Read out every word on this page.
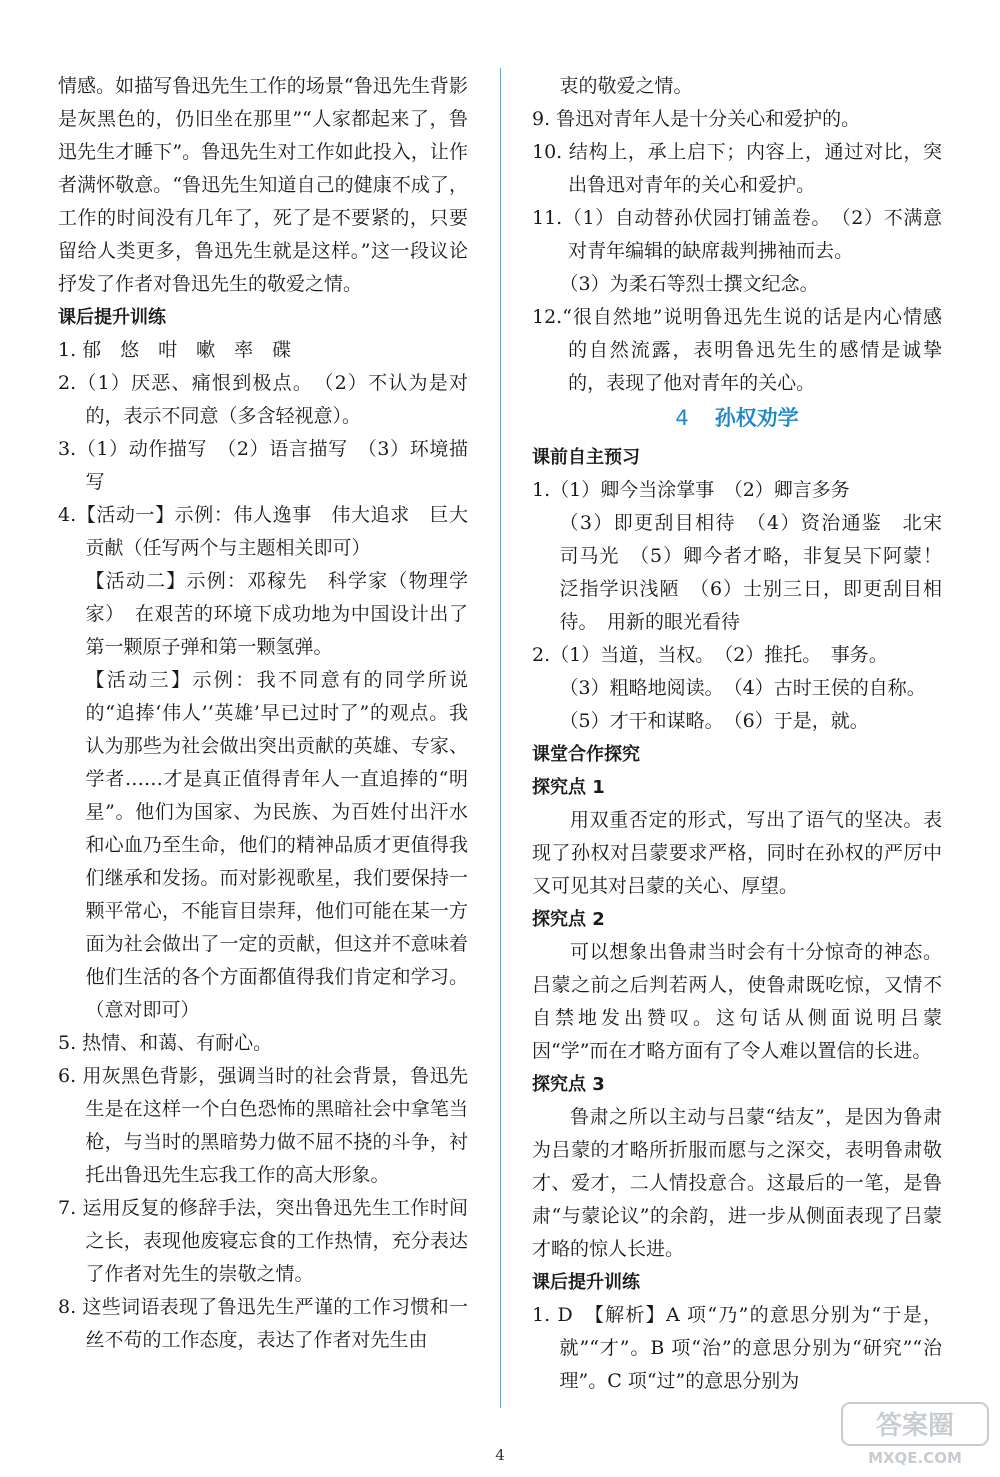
情感。如描写鲁迅先生工作的场景“鲁迅先生背影是灰黑色的，仍旧坐在那里”“人家都起来了，鲁迅先生才睡下”。鲁迅先生对工作如此投入，让作者满怀敬意。“鲁迅先生知道自己的健康不成了，工作的时间没有几年了，死了是不要紧的，只要留给人类更多，鲁迅先生就是这样。”这一段议论抒发了作者对鲁迅先生的敬爱之情。

课后提升训练

1. 郁　悠　咁　嗽　率　碟

2.（1）厌恶、痛恨到极点。　（2）不认为是对的，表示不同意（多含轻视意）。

3.（1）动作描写　（2）语言描写　（3）环境描写

4.【活动一】示例：伟人逸事　伟大追求　巨大贡献（任写两个与主题相关即可）

【活动二】示例：邓稼先　科学家（物理学家）　在艰苦的环境下成功地为中国设计出了第一颗原子弹和第一颗氢弹。

【活动三】示例：我不同意有的同学所说的“追捧‘伟人’‘英雄’早已过时了”的观点。我认为那些为社会做出突出贡献的英雄、专家、学者……才是真正值得青年人一直追捧的“明星”。他们为国家、为民族、为百姓付出汗水和心血乃至生命，他们的精神品质才更值得我们继承和发扬。而对影视歌星，我们要保持一颗平常心，不能盲目崇拜，他们可能在某一方面为社会做出了一定的贡献，但这并不意味着他们生活的各个方面都值得我们肯定和学习。（意对即可）

5. 热情、和蔼、有耐心。

6. 用灰黑色背影，强调当时的社会背景，鲁迅先生是在这样一个白色恐怖的黑暗社会中拿笔当枪，与当时的黑暗势力做不屈不挠的斗争，衬托出鲁迅先生忘我工作的高大形象。

7. 运用反复的修辞手法，突出鲁迅先生工作时间之长，表现他废寝忘食的工作热情，充分表达了作者对先生的崇敬之情。

8. 这些词语表现了鲁迅先生严谨的工作习惯和一丝不苟的工作态度，表达了作者对先生由

衷的敬爱之情。

9. 鲁迅对青年人是十分关心和爱护的。

10. 结构上，承上启下；内容上，通过对比，突出鲁迅对青年的关心和爱护。

11.（1）自动替孙伏园打铺盖卷。　（2）不满意对青年编辑的缺席裁判拂袖而去。

（3）为柔石等烈士撰文纪念。

12.“很自然地”说明鲁迅先生说的话是内心情感的自然流露，表明鲁迅先生的感情是诚挚的，表现了他对青年的关心。

4 孙权劝学

课前自主预习

1.（1）卿今当涂掌事　（2）卿言多务

（3）即更刮目相待　（4）资治通鉴　北宋　司马光　（5）卿今者才略，非复吴下阿蒙！　泛指学识浅陋　（6）士别三日，即更刮目相待。　用新的眼光看待

2.（1）当道，当权。　（2）推托。　事务。

（3）粗略地阅读。　（4）古时王侯的自称。

（5）才干和谋略。　（6）于是，就。

课堂合作探究

探究点 1

用双重否定的形式，写出了语气的坚决。表现了孙权对吕蒙要求严格，同时在孙权的严厉中又可见其对吕蒙的关心、厚望。

探究点 2

可以想象出鲁肃当时会有十分惊奇的神态。吕蒙之前之后判若两人，使鲁肃既吃惊，又情不自禁地发出赞叹。这句话从侧面说明吕蒙因“学”而在才略方面有了令人难以置信的长进。

探究点 3

鲁肃之所以主动与吕蒙“结友”，是因为鲁肃为吕蒙的才略所折服而愿与之深交，表明鲁肃敬才、爱才，二人情投意合。这最后的一笔，是鲁肃“与蒙论议”的余韵，进一步从侧面表现了吕蒙才略的惊人长进。

课后提升训练

1. D　【解析】A 项“乃”的意思分别为“于是，就”“才”。B 项“治”的意思分别为“研究”“治理”。C 项“过”的意思分别为

4
答案圈
MXQE.COM
